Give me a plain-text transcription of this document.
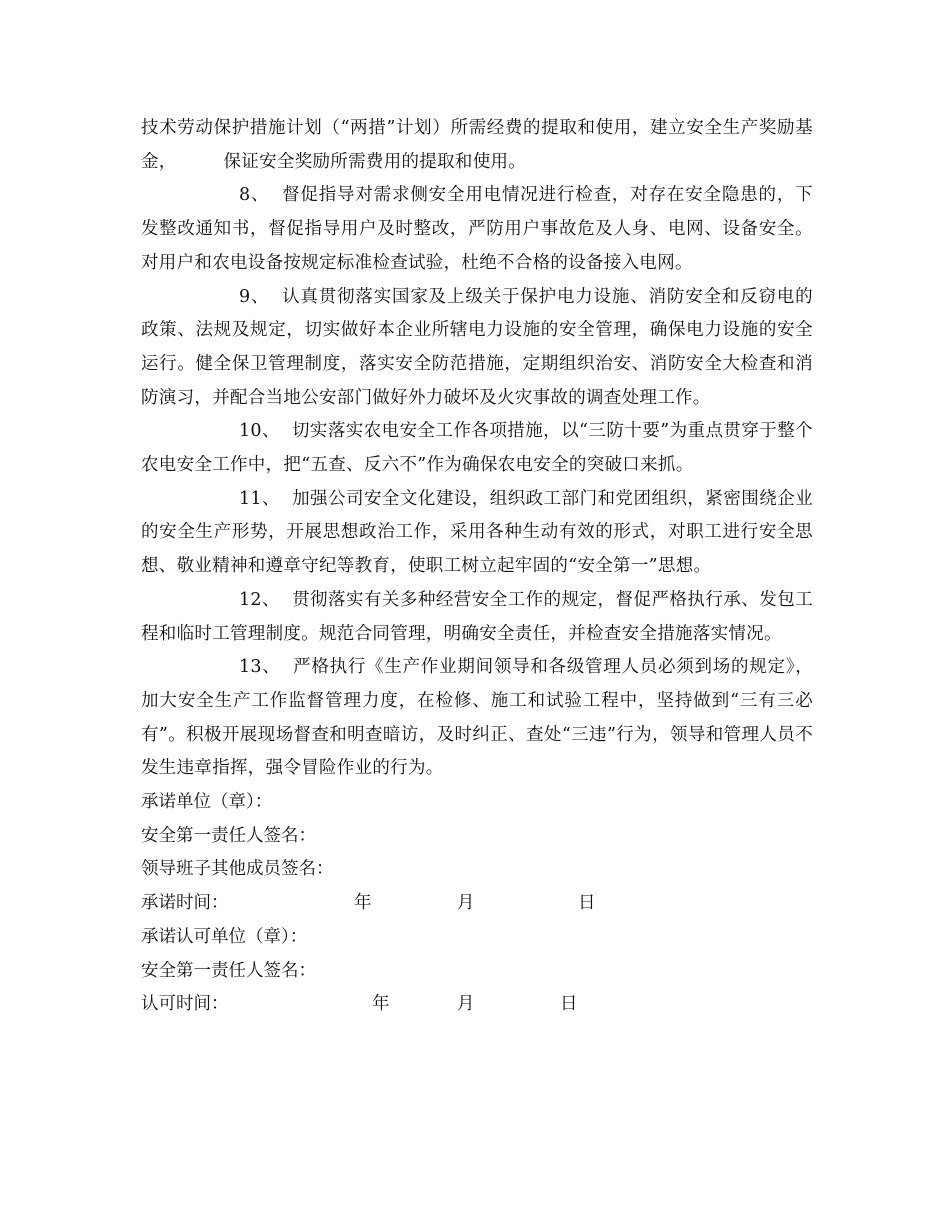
技术劳动保护措施计划（“两措”计划）所需经费的提取和使用，建立安全生产奖励基金，        保证安全奖励所需费用的提取和使用。

8、  督促指导对需求侧安全用电情况进行检查，对存在安全隐患的，下发整改通知书，督促指导用户及时整改，严防用户事故危及人身、电网、设备安全。对用户和农电设备按规定标准检查试验，杜绝不合格的设备接入电网。

9、  认真贯彻落实国家及上级关于保护电力设施、消防安全和反窃电的政策、法规及规定，切实做好本企业所辖电力设施的安全管理，确保电力设施的安全运行。健全保卫管理制度，落实安全防范措施，定期组织治安、消防安全大检查和消防演习，并配合当地公安部门做好外力破坏及火灾事故的调查处理工作。

10、  切实落实农电安全工作各项措施，以“三防十要”为重点贯穿于整个农电安全工作中，把“五查、反六不”作为确保农电安全的突破口来抓。

11、  加强公司安全文化建设，组织政工部门和党团组织，紧密围绕企业的安全生产形势，开展思想政治工作，采用各种生动有效的形式，对职工进行安全思想、敬业精神和遵章守纪等教育，使职工树立起牢固的“安全第一”思想。

12、  贯彻落实有关多种经营安全工作的规定，督促严格执行承、发包工程和临时工管理制度。规范合同管理，明确安全责任，并检查安全措施落实情况。

13、  严格执行《生产作业期间领导和各级管理人员必须到场的规定》，加大安全生产工作监督管理力度，在检修、施工和试验工程中，坚持做到“三有三必有”。积极开展现场督查和明查暗访，及时纠正、查处“三违”行为，领导和管理人员不发生违章指挥，强令冒险作业的行为。

承诺单位（章）：
安全第一责任人签名：
领导班子其他成员签名：
承诺时间：	年	月	日
承诺认可单位（章）：
安全第一责任人签名：
认可时间：	年	月	日
